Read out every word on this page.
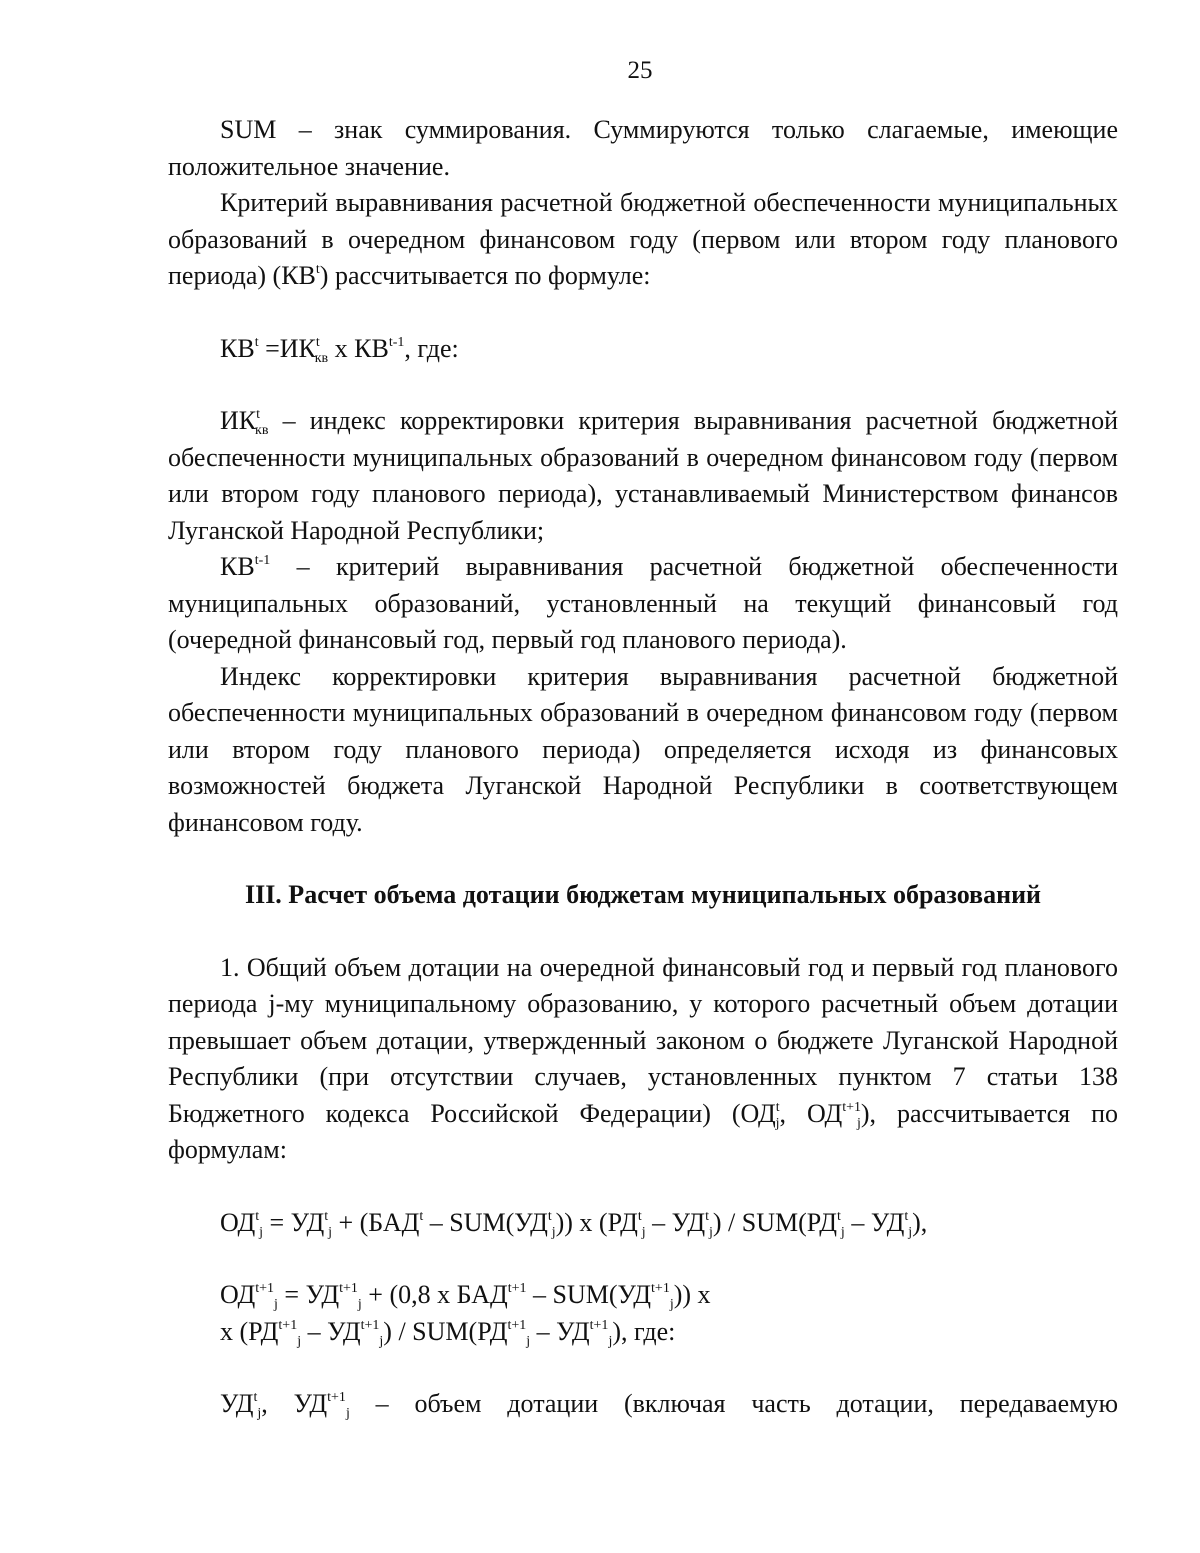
25

SUM – знак суммирования. Суммируются только слагаемые, имеющие положительное значение.

Критерий выравнивания расчетной бюджетной обеспеченности муниципальных образований в очередном финансовом году (первом или втором году планового периода) $(КВ^t)$ рассчитывается по формуле:

$КВ^t =ИК^t_{кв}$ х КВ$^{t-1}$, где:

$ИК^t_{кв}$ – индекс корректировки критерия выравнивания расчетной бюджетной обеспеченности муниципальных образований в очередном финансовом году (первом или втором году планового периода), устанавливаемый Министерством финансов Луганской Народной Республики;

КВ$^{t-1}$ – критерий выравнивания расчетной бюджетной обеспеченности муниципальных образований, установленный на текущий финансовый год (очередной финансовый год, первый год планового периода).

Индекс корректировки критерия выравнивания расчетной бюджетной обеспеченности муниципальных образований в очередном финансовом году (первом или втором году планового периода) определяется исходя из финансовых возможностей бюджета Луганской Народной Республики в соответствующем финансовом году.

III. Расчет объема дотации бюджетам муниципальных образований

1. Общий объем дотации на очередной финансовый год и первый год планового периода j-му муниципальному образованию, у которого расчетный объем дотации превышает объем дотации, утвержденный законом о бюджете Луганской Народной Республики (при отсутствии случаев, установленных пунктом 7 статьи 138 Бюджетного кодекса Российской Федерации) ($ОД^t_j$, $ОД^{t+1}_j$), рассчитывается по формулам:

$ОД^t_j = УД^t_j + (БАД^t - SUM(УД^t_j))$ х $(РД^t_j - УД^t_j) / SUM(РД^t_j - УД^t_j)$,

$ОД^{t+1}_j = УД^{t+1}_j + (0,8$ х $БАД^{t+1} - SUM(УД^{t+1}_j)$) х

х $(РД^{t+1}_j - УД^{t+1}_j) / SUM(РД^{t+1}_j - УД^{t+1}_j)$, где:

$УД^t_j$, $УД^{t+1}_j$ – объем дотации (включая часть дотации, передаваемую
